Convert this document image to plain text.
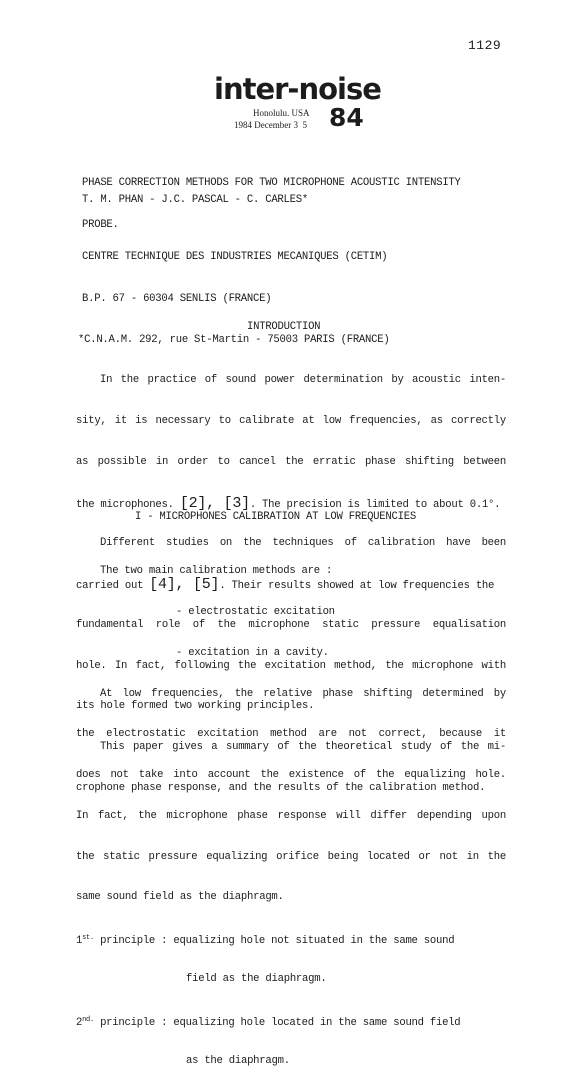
1129
inter-noise
Honolulu. USA
1984 December 3  5 84

PHASE CORRECTION METHODS FOR TWO MICROPHONE ACOUSTIC INTENSITY

PROBE.

T. M. PHAN - J.C. PASCAL - C. CARLES*

CENTRE TECHNIQUE DES INDUSTRIES MECANIQUES (CETIM)

B.P. 67 - 60304 SENLIS (FRANCE)

*C.N.A.M. 292, rue St-Martin - 75003 PARIS (FRANCE)

INTRODUCTION

In the practice of sound power determination by acoustic inten-

sity, it is necessary to calibrate at low frequencies, as correctly

as possible in order to cancel the erratic phase shifting between

the microphones. [2], [3]. The precision is limited to about 0.1°.

Different studies on the techniques of calibration have been

carried out [4], [5]. Their results showed at low frequencies the

fundamental role of the microphone static pressure equalisation

hole. In fact, following the excitation method, the microphone with

its hole formed two working principles.

This paper gives a summary of the theoretical study of the mi-

crophone phase response, and the results of the calibration method.

I - MICROPHONES CALIBRATION AT LOW FREQUENCIES

The two main calibration methods are :

- electrostatic excitation

- excitation in a cavity.

At low frequencies, the relative phase shifting determined by

the electrostatic excitation method are not correct, because it

does not take into account the existence of the equalizing hole.

In fact, the microphone phase response will differ depending upon

the static pressure equalizing orifice being located or not in the

same sound field as the diaphragm.

$1^{st.}$ principle : equalizing hole not situated in the same sound

field as the diaphragm.

$2^{nd.}$ principle : equalizing hole located in the same sound field

as the diaphragm.
